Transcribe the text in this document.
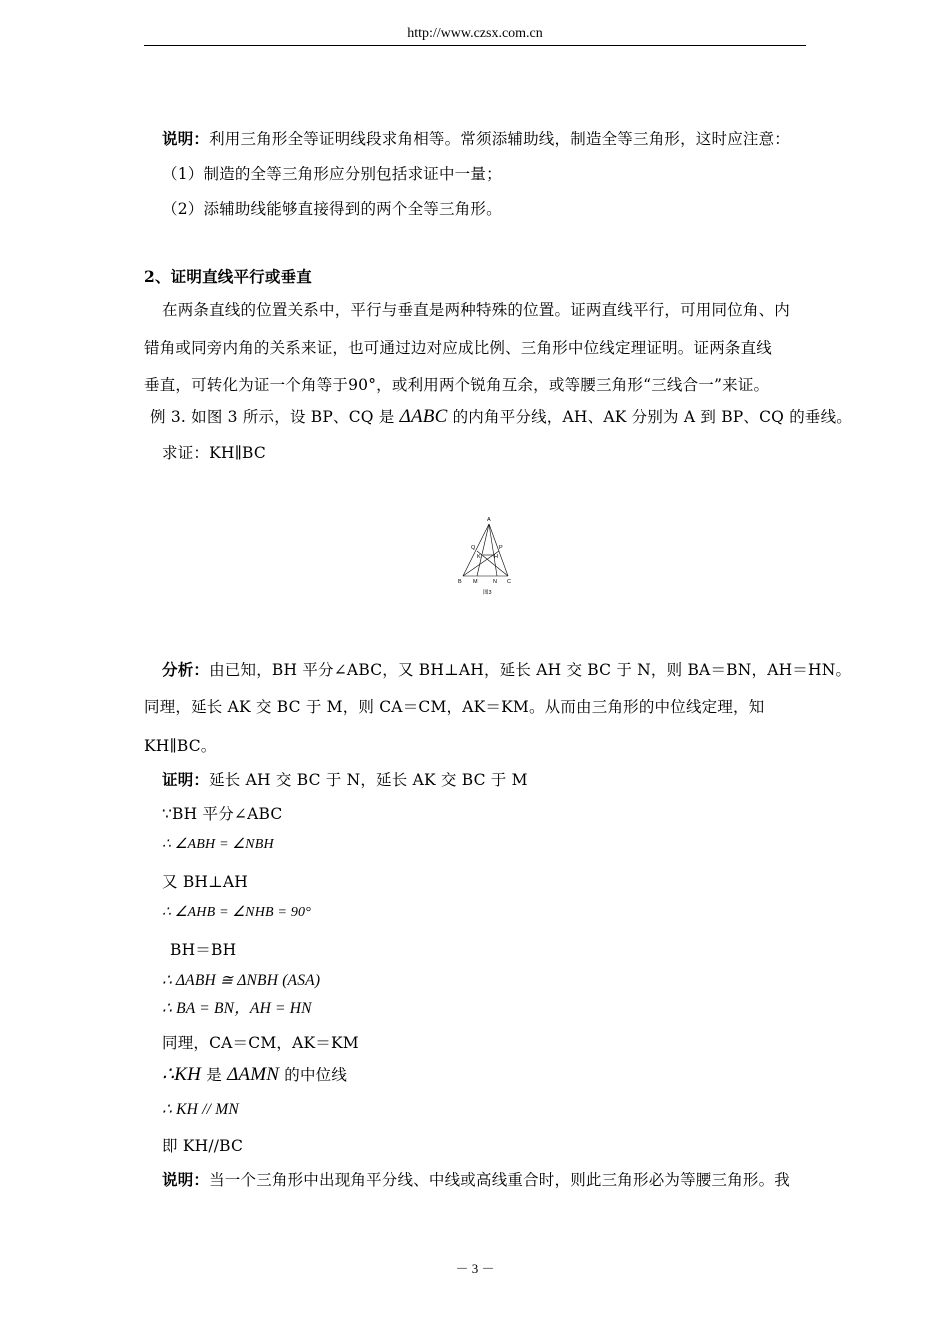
http://www.czsx.com.cn
说明：利用三角形全等证明线段求角相等。常须添辅助线，制造全等三角形，这时应注意：
（1）制造的全等三角形应分别包括求证中一量；
（2）添辅助线能够直接得到的两个全等三角形。
2、证明直线平行或垂直
在两条直线的位置关系中，平行与垂直是两种特殊的位置。证两直线平行，可用同位角、内
错角或同旁内角的关系来证，也可通过边对应成比例、三角形中位线定理证明。证两条直线
垂直，可转化为证一个角等于90°，或利用两个锐角互余，或等腰三角形“三线合一”来证。
例 3. 如图 3 所示，设 BP、CQ 是 ΔABC 的内角平分线，AH、AK 分别为 A 到 BP、CQ 的垂线。
求证：KH∥BC
A
Q	P
K H
B M	N C
图3
分析：由已知，BH 平分∠ABC，又 BH⊥AH，延长 AH 交 BC 于 N，则 BA＝BN，AH＝HN。
同理，延长 AK 交 BC 于 M，则 CA＝CM，AK＝KM。从而由三角形的中位线定理，知
KH∥BC。
证明：延长 AH 交 BC 于 N，延长 AK 交 BC 于 M
∵BH 平分∠ABC
∴ ∠ABH = ∠NBH
又 BH⊥AH
∴ ∠AHB = ∠NHB = 90°
BH＝BH
∴ ΔABH ≅ ΔNBH (ASA)
∴ BA = BN，AH = HN
同理，CA＝CM，AK＝KM
∴KH 是 ΔAMN 的中位线
∴ KH // MN
即 KH//BC
说明：当一个三角形中出现角平分线、中线或高线重合时，则此三角形必为等腰三角形。我
－ 3 －
